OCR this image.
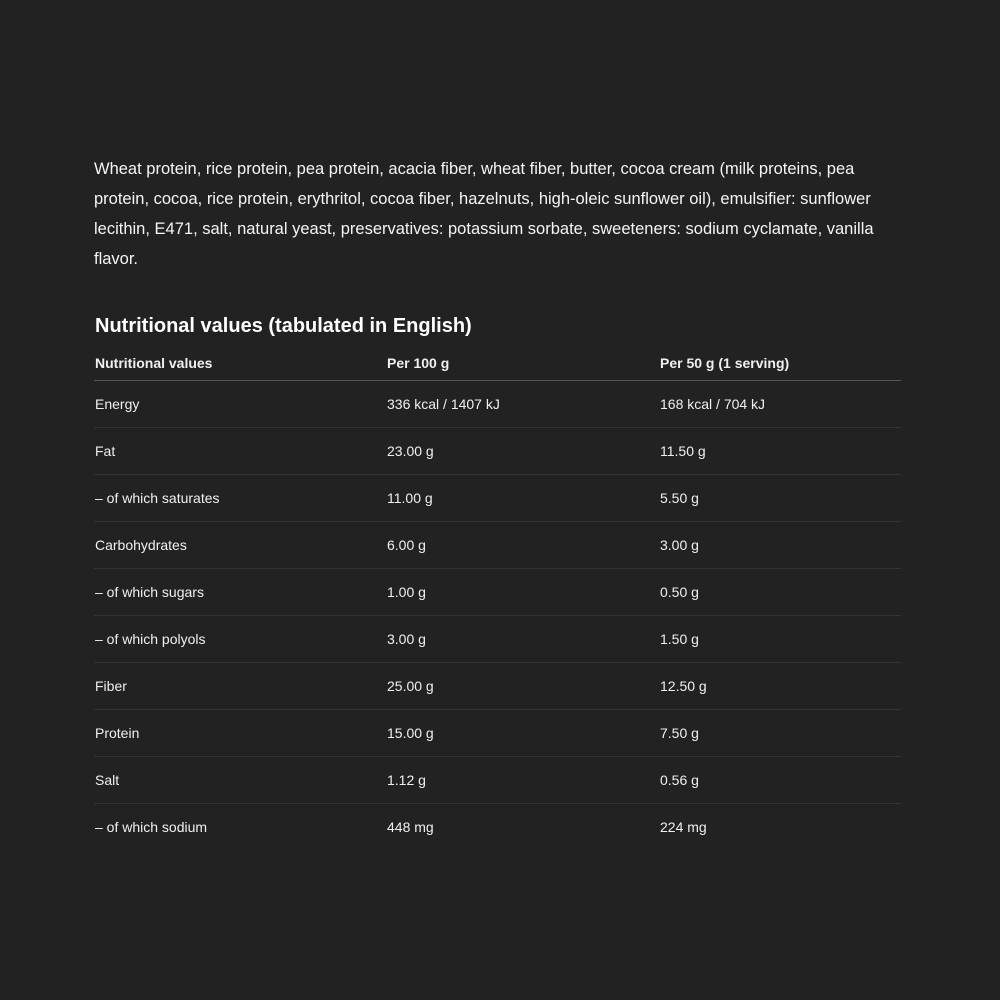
Wheat protein, rice protein, pea protein, acacia fiber, wheat fiber, butter, cocoa cream (milk proteins, pea protein, cocoa, rice protein, erythritol, cocoa fiber, hazelnuts, high-oleic sunflower oil), emulsifier: sunflower lecithin, E471, salt, natural yeast, preservatives: potassium sorbate, sweeteners: sodium cyclamate, vanilla flavor.

Nutritional values (tabulated in English)
Nutritional values	Per 100 g	Per 50 g (1 serving)
Energy	336 kcal / 1407 kJ	168 kcal / 704 kJ
Fat	23.00 g	11.50 g
– of which saturates	11.00 g	5.50 g
Carbohydrates	6.00 g	3.00 g
– of which sugars	1.00 g	0.50 g
– of which polyols	3.00 g	1.50 g
Fiber	25.00 g	12.50 g
Protein	15.00 g	7.50 g
Salt	1.12 g	0.56 g
– of which sodium	448 mg	224 mg
